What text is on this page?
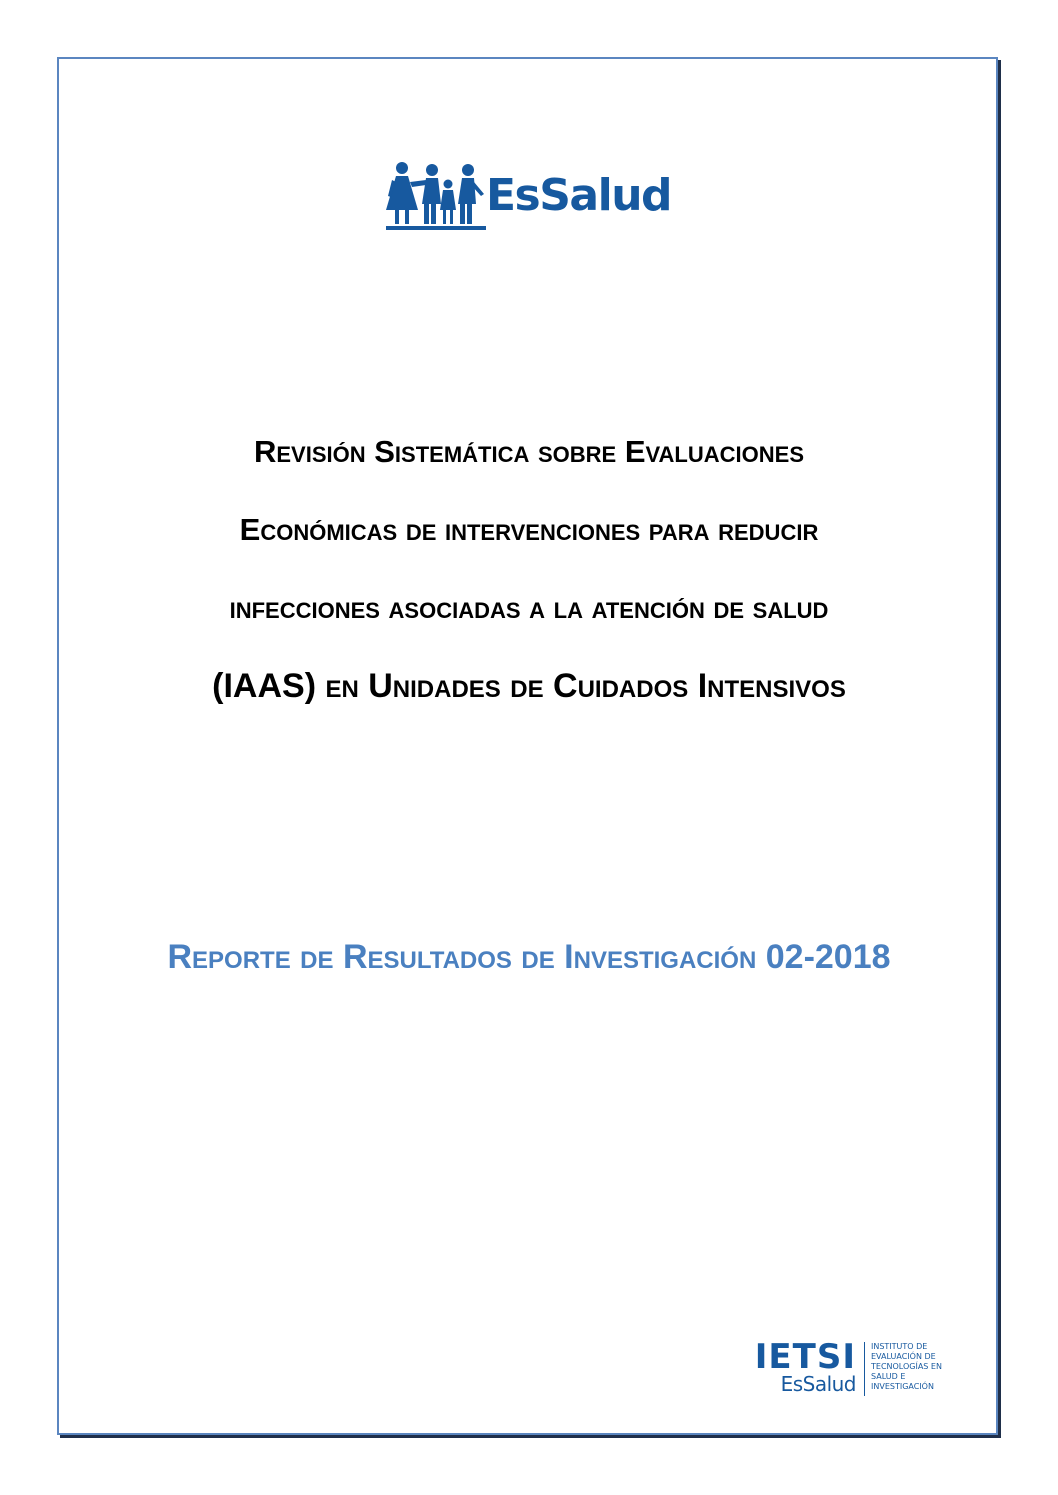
EsSalud
Revisión Sistemática sobre Evaluaciones
Económicas de intervenciones para reducir
infecciones asociadas a la atención de salud
(IAAS) en Unidades de Cuidados Intensivos
Reporte de Resultados de Investigación 02-2018
IETSI
EsSalud
INSTITUTO DE EVALUACIÓN DE TECNOLOGÍAS EN SALUD E INVESTIGACIÓN
